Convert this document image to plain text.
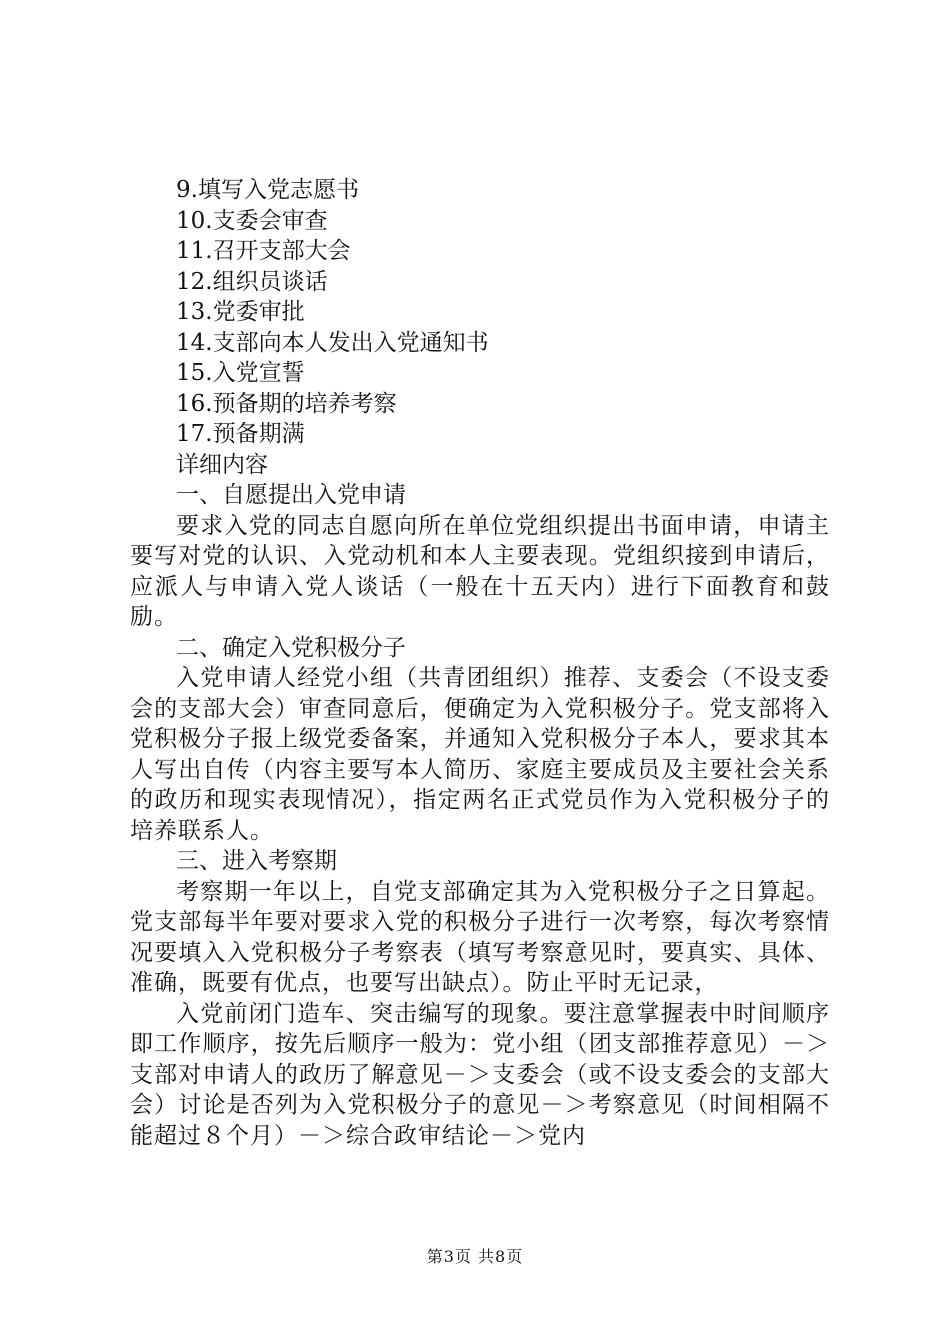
9.填写入党志愿书

10.支委会审查

11.召开支部大会

12.组织员谈话

13.党委审批

14.支部向本人发出入党通知书

15.入党宣誓

16.预备期的培养考察

17.预备期满

详细内容

一、自愿提出入党申请

要求入党的同志自愿向所在单位党组织提出书面申请，申请主要写对党的认识、入党动机和本人主要表现。党组织接到申请后，应派人与申请入党人谈话（一般在十五天内）进行下面教育和鼓励。

二、确定入党积极分子

入党申请人经党小组（共青团组织）推荐、支委会（不设支委会的支部大会）审查同意后，便确定为入党积极分子。党支部将入党积极分子报上级党委备案，并通知入党积极分子本人，要求其本人写出自传（内容主要写本人简历、家庭主要成员及主要社会关系的政历和现实表现情况），指定两名正式党员作为入党积极分子的培养联系人。

三、进入考察期

考察期一年以上，自党支部确定其为入党积极分子之日算起。党支部每半年要对要求入党的积极分子进行一次考察，每次考察情况要填入入党积极分子考察表（填写考察意见时，要真实、具体、准确，既要有优点，也要写出缺点）。防止平时无记录，

入党前闭门造车、突击编写的现象。要注意掌握表中时间顺序即工作顺序，按先后顺序一般为：党小组（团支部推荐意见）－＞支部对申请人的政历了解意见－＞支委会（或不设支委会的支部大会）讨论是否列为入党积极分子的意见－＞考察意见（时间相隔不能超过８个月）－＞综合政审结论－＞党内

第3页 共8页
